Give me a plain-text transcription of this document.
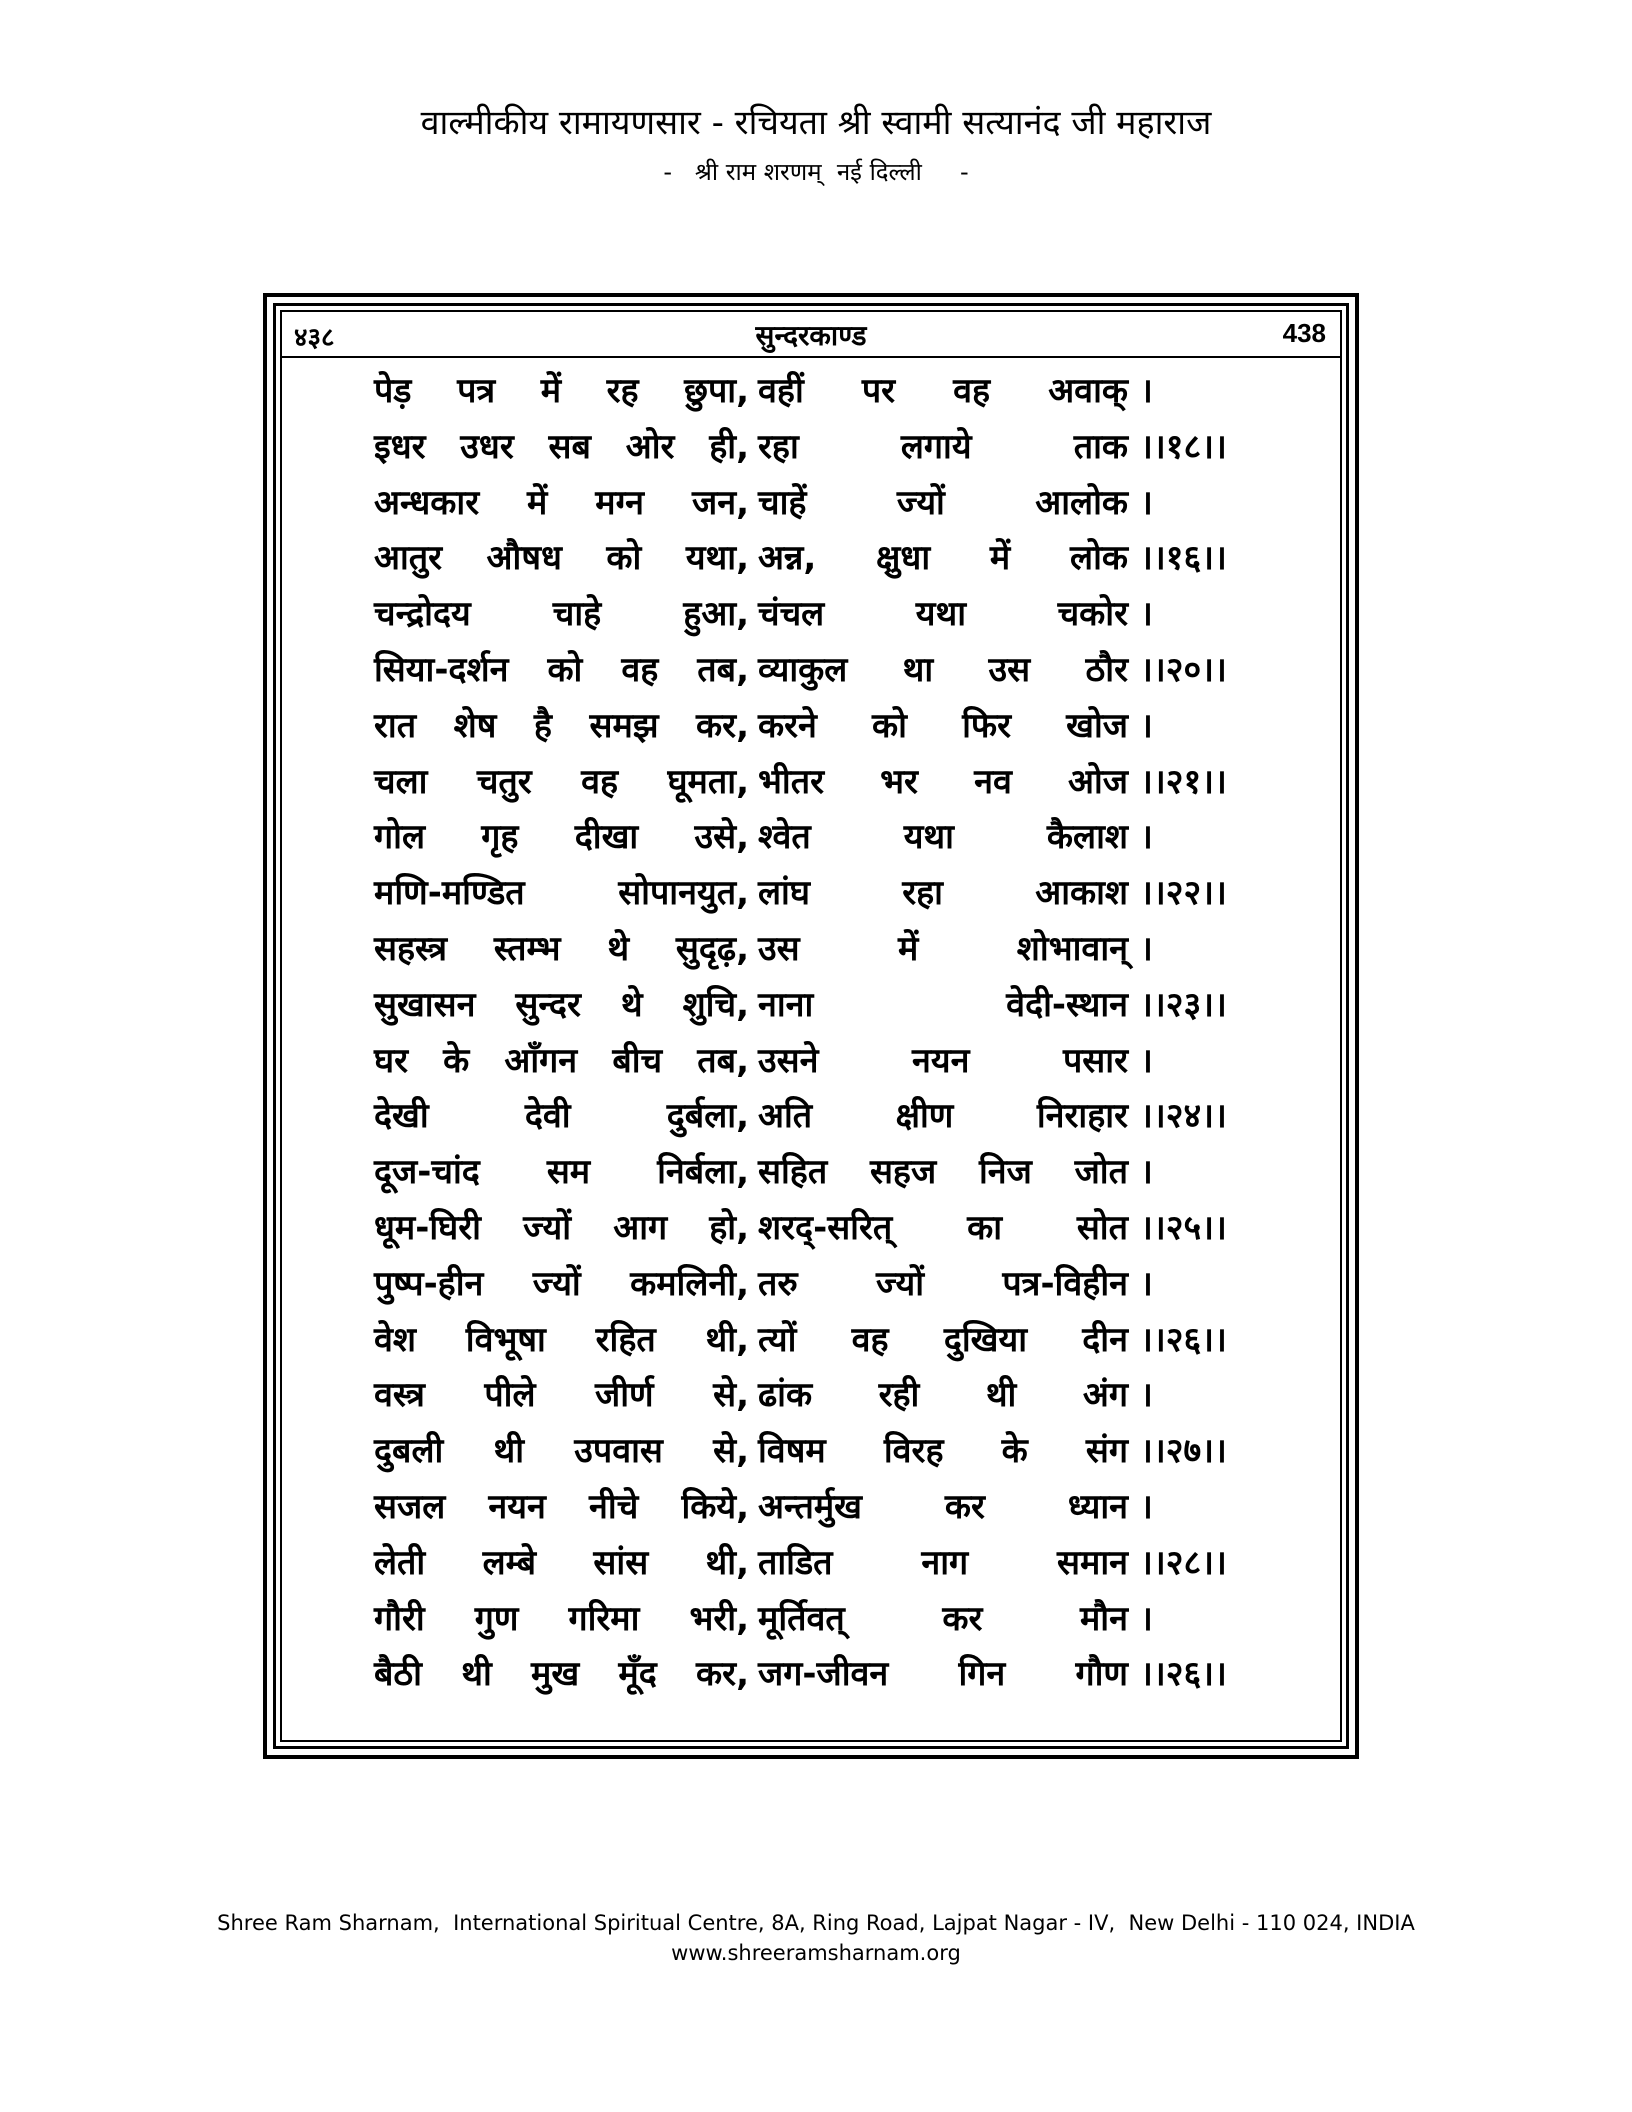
वाल्मीकीय रामायणसार - रचियता श्री स्वामी सत्यानंद जी महाराज
-   श्री राम शरणम्  नई दिल्ली     -
४३८	सुन्दरकाण्ड	438
पेड़ पत्र में रह छुपा, वहीं पर वह अवाक् ।
इधर उधर सब ओर ही, रहा लगाये ताक ।।१८।।
अन्धकार में मग्न जन, चाहें ज्यों आलोक ।
आतुर औषध को यथा, अन्न, क्षुधा में लोक ।।१६।।
चन्द्रोदय चाहे हुआ, चंचल यथा चकोर ।
सिया-दर्शन को वह तब, व्याकुल था उस ठौर ।।२०।।
रात शेष है समझ कर, करने को फिर खोज ।
चला चतुर वह घूमता, भीतर भर नव ओज ।।२१।।
गोल गृह दीखा उसे, श्वेत यथा कैलाश ।
मणि-मण्डित सोपानयुत, लांघ रहा आकाश ।।२२।।
सहस्त्र स्तम्भ थे सुदृढ़, उस में शोभावान् ।
सुखासन सुन्दर थे शुचि, नाना वेदी-स्थान ।।२३।।
घर के आँगन बीच तब, उसने नयन पसार ।
देखी देवी दुर्बला, अति क्षीण निराहार ।।२४।।
दूज-चांद सम निर्बला, सहित सहज निज जोत ।
धूम-घिरी ज्यों आग हो, शरद्-सरित् का सोत ।।२५।।
पुष्प-हीन ज्यों कमलिनी, तरु ज्यों पत्र-विहीन ।
वेश विभूषा रहित थी, त्यों वह दुखिया दीन ।।२६।।
वस्त्र पीले जीर्ण से, ढांक रही थी अंग ।
दुबली थी उपवास से, विषम विरह के संग ।।२७।।
सजल नयन नीचे किये, अन्तर्मुख कर ध्यान ।
लेती लम्बे सांस थी, ताडित नाग समान ।।२८।।
गौरी गुण गरिमा भरी, मूर्तिवत् कर मौन ।
बैठी थी मुख मूँद कर, जग-जीवन गिन गौण ।।२६।।
Shree Ram Sharnam,  International Spiritual Centre, 8A, Ring Road, Lajpat Nagar - IV,  New Delhi - 110 024, INDIA
www.shreeramsharnam.org
